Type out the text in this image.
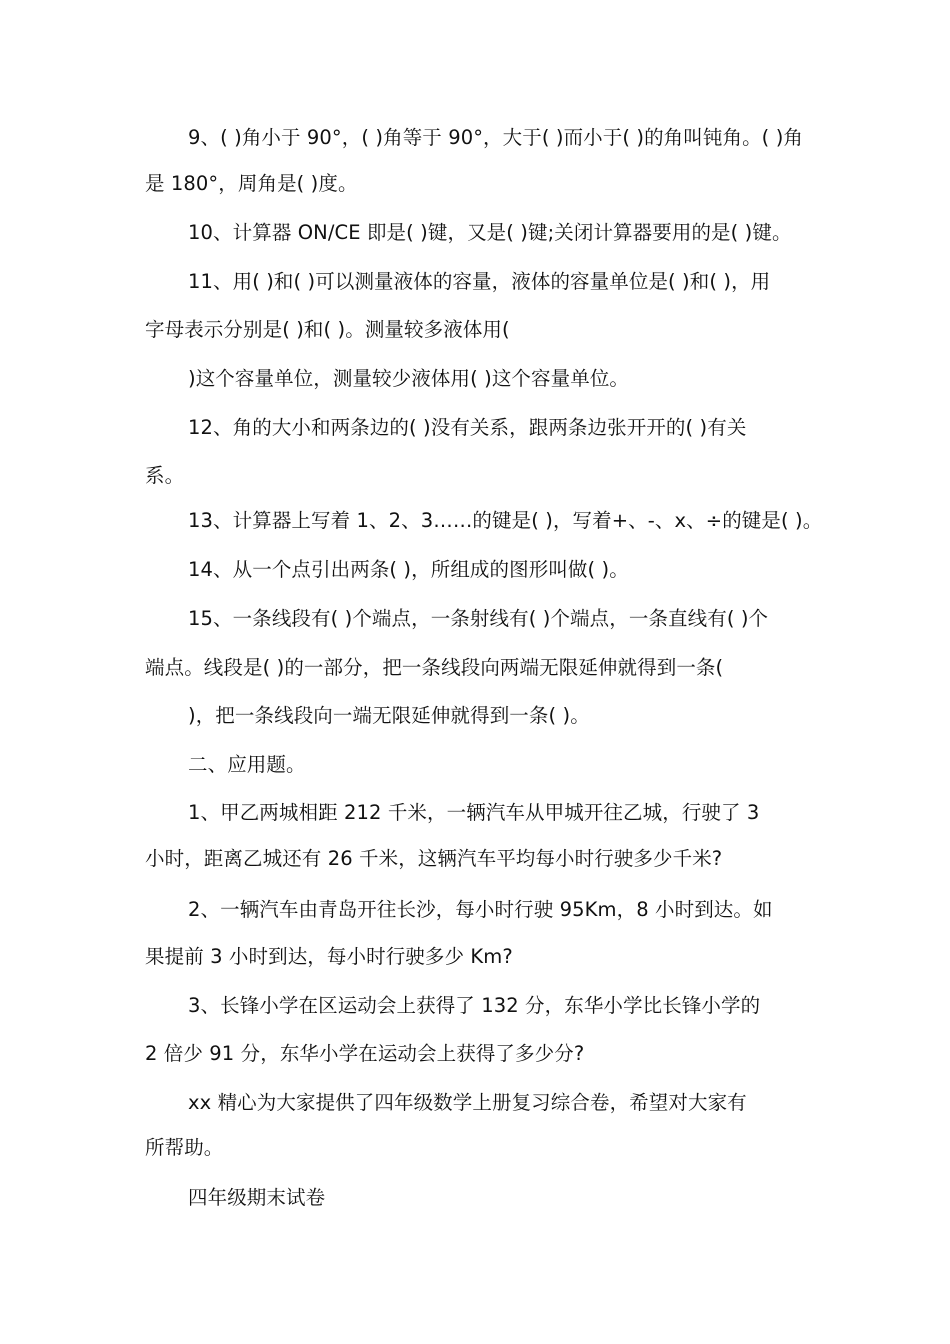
9、( )角小于 90°，( )角等于 90°，大于( )而小于( )的角叫钝角。( )角
是 180°，周角是( )度。
10、计算器 ON/CE 即是( )键，又是( )键;关闭计算器要用的是( )键。
11、用( )和( )可以测量液体的容量，液体的容量单位是( )和( )，用
字母表示分别是( )和( )。测量较多液体用(
)这个容量单位，测量较少液体用( )这个容量单位。
12、角的大小和两条边的( )没有关系，跟两条边张开开的( )有关
系。
13、计算器上写着 1、2、3……的键是( )，写着+、-、x、÷的键是( )。
14、从一个点引出两条( )，所组成的图形叫做( )。
15、一条线段有( )个端点，一条射线有( )个端点，一条直线有( )个
端点。线段是( )的一部分，把一条线段向两端无限延伸就得到一条(
)，把一条线段向一端无限延伸就得到一条( )。
二、应用题。
1、甲乙两城相距 212 千米，一辆汽车从甲城开往乙城，行驶了 3
小时，距离乙城还有 26 千米，这辆汽车平均每小时行驶多少千米?
2、一辆汽车由青岛开往长沙，每小时行驶 95Km，8 小时到达。如
果提前 3 小时到达，每小时行驶多少 Km?
3、长锋小学在区运动会上获得了 132 分，东华小学比长锋小学的
2 倍少 91 分，东华小学在运动会上获得了多少分?
xx 精心为大家提供了四年级数学上册复习综合卷，希望对大家有
所帮助。
四年级期末试卷
